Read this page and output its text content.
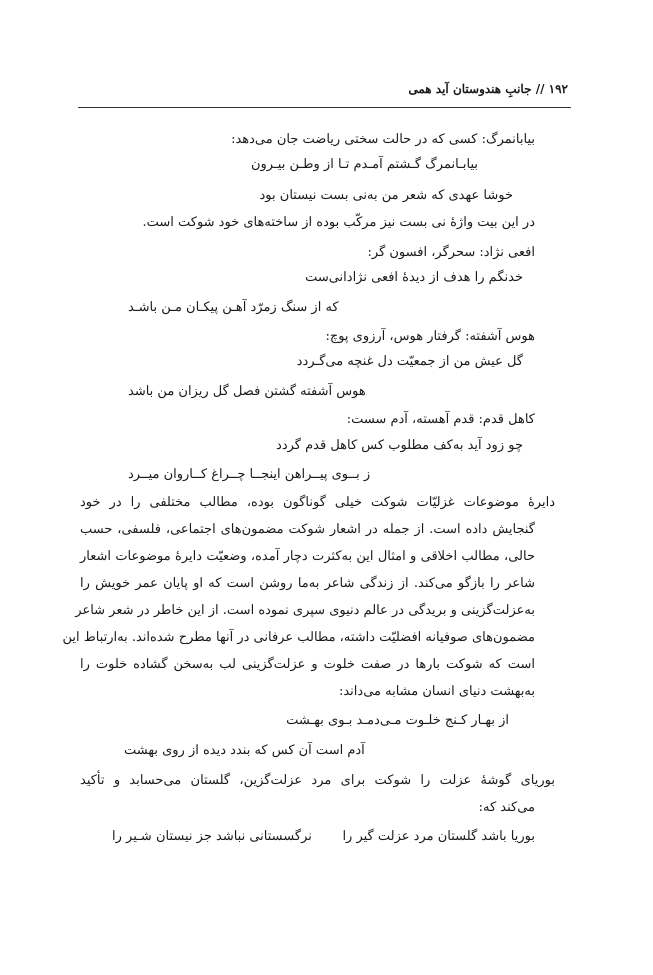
۱۹۲ // جانبِ هندوستان آید همی
بیابانمرگ: کسی که در حالت سختی ریاضت جان می‌دهد:
بیابـانمرگ گـشتم آمـدم تـا از وطـن بیـرون
خوشا عهدی که شعر من به‌نی بست نیستان بود
در این بیت واژهٔ نی بست نیز مرکّب بوده از ساخته‌های خود شوکت است.
افعی نژاد: سحرگر، افسون گر:
خدنگم را هدف از دیدهٔ افعی نژادانی‌ست
که از سنگ زمرّد آهـن پیکـان مـن باشـد
هوس آشفته: گرفتار هوس، آرزوی پوچ:
گل عیش من از جمعیّت دل غنچه می‌گـردد
هوس آشفته گشتن فصل گل ریزان من باشد
کاهل قدم: قدم آهسته، آدم سست:
چو زود آید به‌کف مطلوب کس کاهل قدم گردد
ز بــوی پیــراهن اینجــا چــراغ کــاروان میــرد
دایرهٔ موضوعات غزلیّات شوکت خیلی گوناگون بوده، مطالب مختلفی را در خود
گنجایش داده است. از جمله در اشعار شوکت مضمون‌های اجتماعی، فلسفی، حسب
حالی، مطالب اخلاقی و امثال این به‌کثرت دچار آمده، وضعیّت دایرهٔ موضوعات اشعار
شاعر را بازگو می‌کند. از زندگی شاعر به‌ما روشن است که او پایان عمر خویش را
به‌عزلت‌گزینی و بریدگی در عالم دنیوی سپری نموده است. از این خاطر در شعر شاعر
مضمون‌های صوفیانه افضلیّت داشته، مطالب عرفانی در آنها مطرح شده‌اند. به‌ارتباط این
است که شوکت بارها در صفت خلوت و عزلت‌گزینی لب به‌سخن گشاده خلوت را
به‌بهشت دنیای انسان مشابه می‌داند:
از بهـار کـنج خلـوت مـی‌دمـد بـوی بهـشت
آدم است آن کس که بندد دیده از روی بهشت
بوریای گوشهٔ عزلت را شوکت برای مرد عزلت‌گزین، گلستان می‌حسابد و تأکید
می‌کند که:
بوریا باشد گلستان مرد عزلت گیر را
نرگسستانی نباشد جز نیستان شـیر را
